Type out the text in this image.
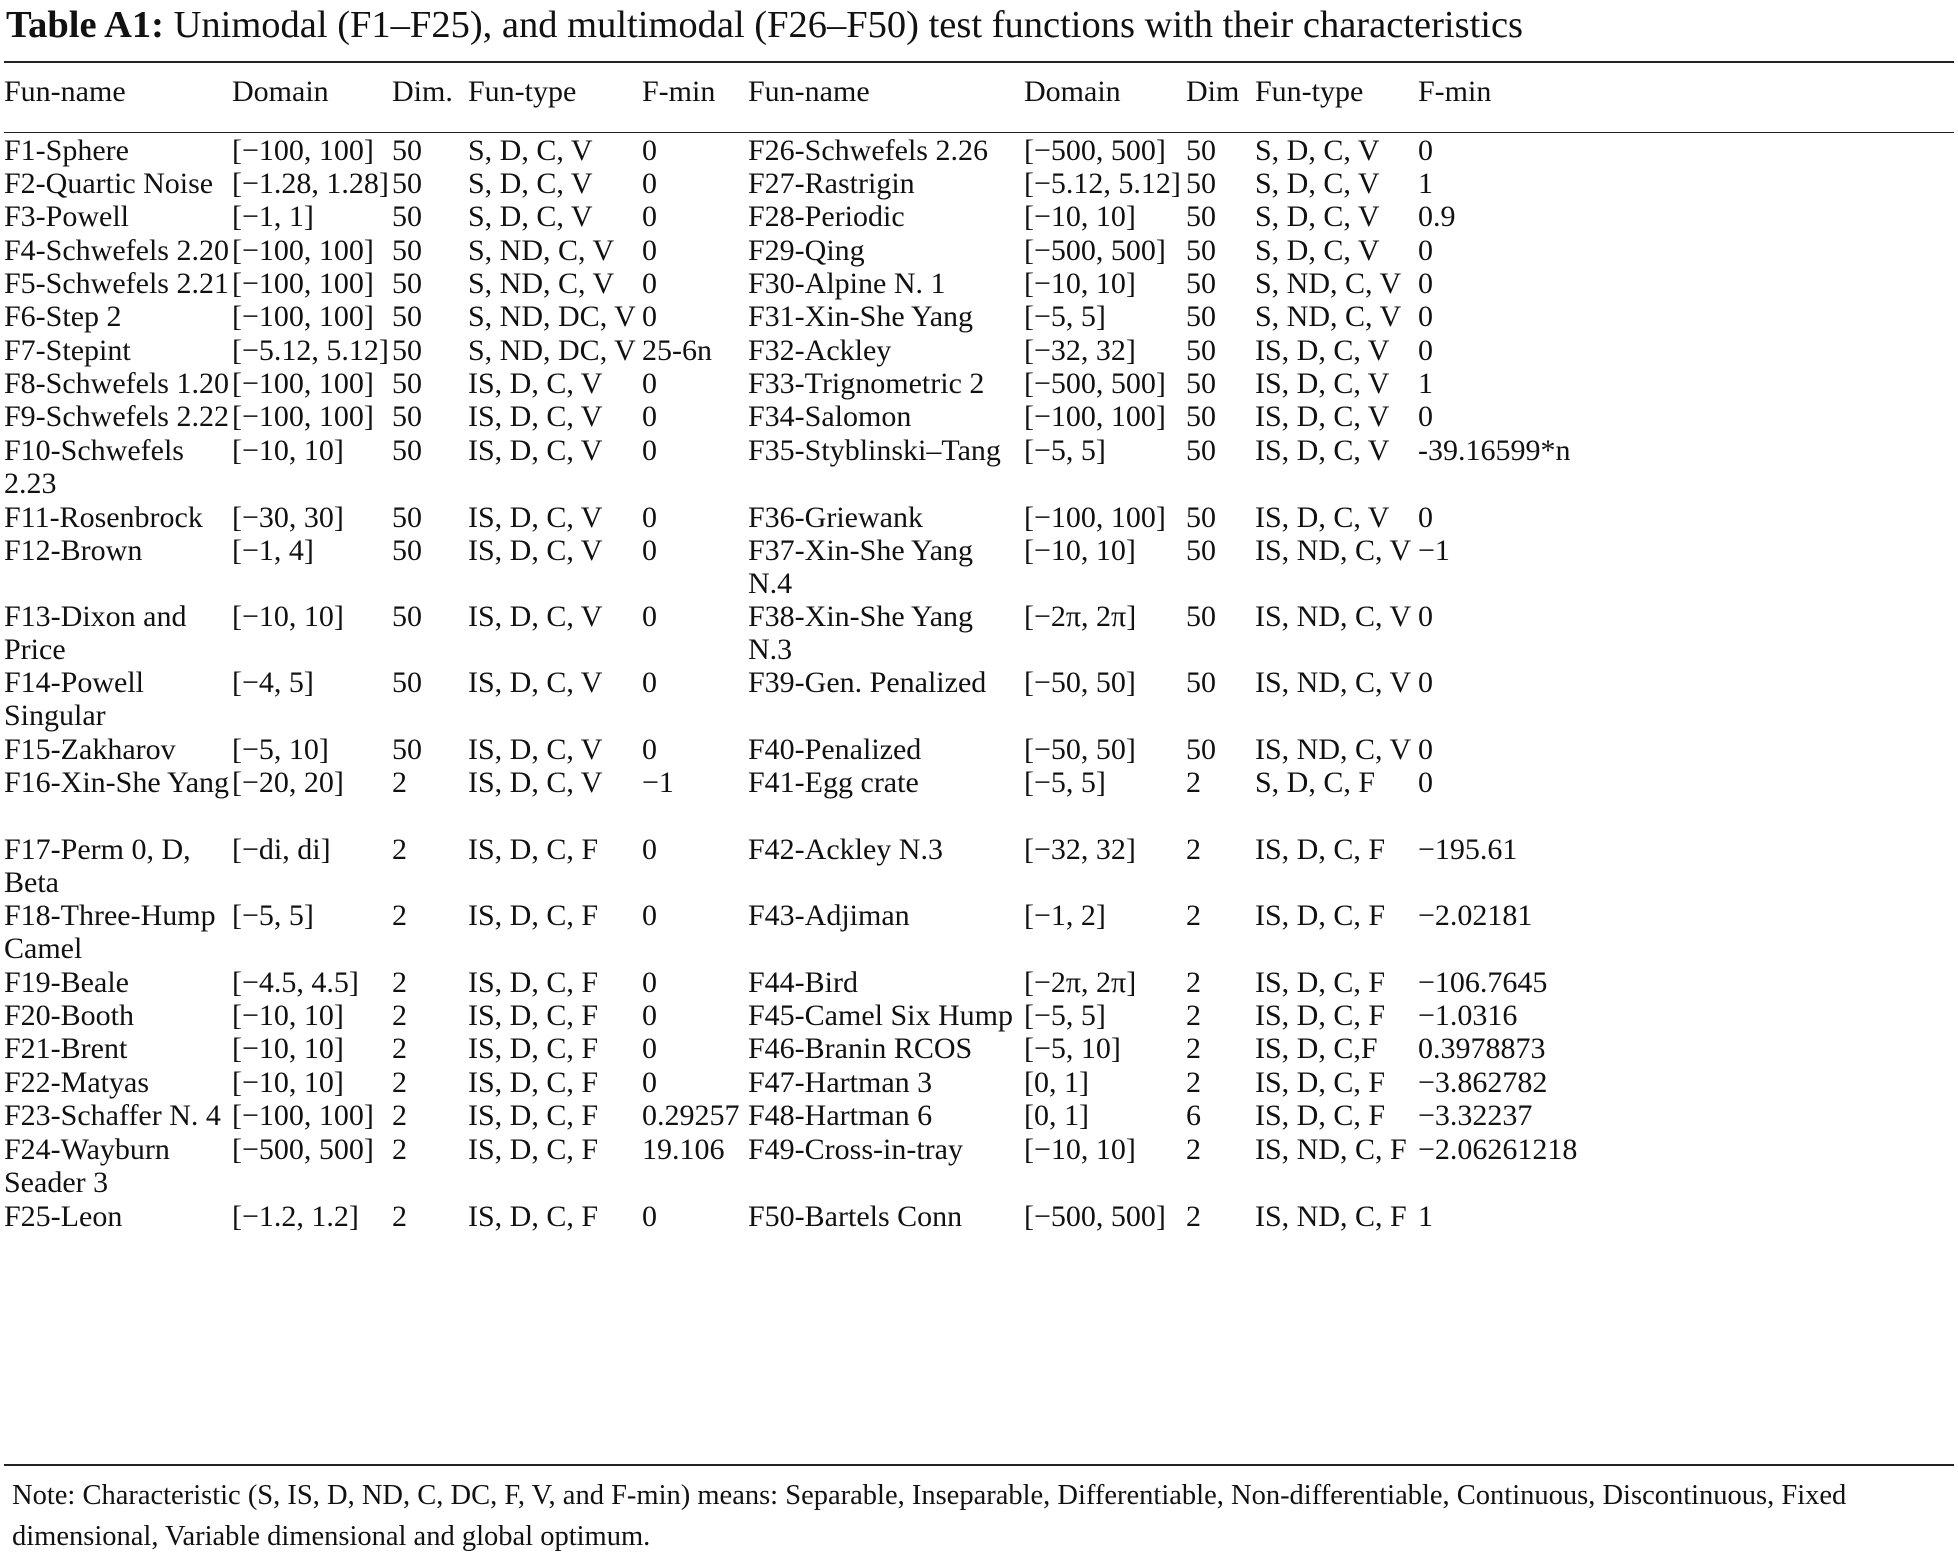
Table A1: Unimodal (F1–F25), and multimodal (F26–F50) test functions with their characteristics
Fun-name	Domain	Dim.	Fun-type	F-min	Fun-name	Domain	Dim	Fun-type	F-min
F1-Sphere	[−100, 100]	50	S, D, C, V	0	F26-Schwefels 2.26	[−500, 500]	50	S, D, C, V	0
F2-Quartic Noise	[−1.28, 1.28]	50	S, D, C, V	0	F27-Rastrigin	[−5.12, 5.12]	50	S, D, C, V	1
F3-Powell	[−1, 1]	50	S, D, C, V	0	F28-Periodic	[−10, 10]	50	S, D, C, V	0.9
F4-Schwefels 2.20	[−100, 100]	50	S, ND, C, V	0	F29-Qing	[−500, 500]	50	S, D, C, V	0
F5-Schwefels 2.21	[−100, 100]	50	S, ND, C, V	0	F30-Alpine N. 1	[−10, 10]	50	S, ND, C, V	0
F6-Step 2	[−100, 100]	50	S, ND, DC, V	0	F31-Xin-She Yang	[−5, 5]	50	S, ND, C, V	0
F7-Stepint	[−5.12, 5.12]	50	S, ND, DC, V	25-6n	F32-Ackley	[−32, 32]	50	IS, D, C, V	0
F8-Schwefels 1.20	[−100, 100]	50	IS, D, C, V	0	F33-Trignometric 2	[−500, 500]	50	IS, D, C, V	1
F9-Schwefels 2.22	[−100, 100]	50	IS, D, C, V	0	F34-Salomon	[−100, 100]	50	IS, D, C, V	0
F10-Schwefels 2.23	[−10, 10]	50	IS, D, C, V	0	F35-Styblinski–Tang	[−5, 5]	50	IS, D, C, V	-39.16599*n
F11-Rosenbrock	[−30, 30]	50	IS, D, C, V	0	F36-Griewank	[−100, 100]	50	IS, D, C, V	0
F12-Brown	[−1, 4]	50	IS, D, C, V	0	F37-Xin-She Yang N.4	[−10, 10]	50	IS, ND, C, V	−1
F13-Dixon and Price	[−10, 10]	50	IS, D, C, V	0	F38-Xin-She Yang N.3	[−2π, 2π]	50	IS, ND, C, V	0
F14-Powell Singular	[−4, 5]	50	IS, D, C, V	0	F39-Gen. Penalized	[−50, 50]	50	IS, ND, C, V	0
F15-Zakharov	[−5, 10]	50	IS, D, C, V	0	F40-Penalized	[−50, 50]	50	IS, ND, C, V	0
F16-Xin-She Yang	[−20, 20]	2	IS, D, C, V	−1	F41-Egg crate	[−5, 5]	2	S, D, C, F	0
F17-Perm 0, D, Beta	[−di, di]	2	IS, D, C, F	0	F42-Ackley N.3	[−32, 32]	2	IS, D, C, F	−195.61
F18-Three-Hump Camel	[−5, 5]	2	IS, D, C, F	0	F43-Adjiman	[−1, 2]	2	IS, D, C, F	−2.02181
F19-Beale	[−4.5, 4.5]	2	IS, D, C, F	0	F44-Bird	[−2π, 2π]	2	IS, D, C, F	−106.7645
F20-Booth	[−10, 10]	2	IS, D, C, F	0	F45-Camel Six Hump	[−5, 5]	2	IS, D, C, F	−1.0316
F21-Brent	[−10, 10]	2	IS, D, C, F	0	F46-Branin RCOS	[−5, 10]	2	IS, D, C,F	0.3978873
F22-Matyas	[−10, 10]	2	IS, D, C, F	0	F47-Hartman 3	[0, 1]	2	IS, D, C, F	−3.862782
F23-Schaffer N. 4	[−100, 100]	2	IS, D, C, F	0.29257	F48-Hartman 6	[0, 1]	6	IS, D, C, F	−3.32237
F24-Wayburn Seader 3	[−500, 500]	2	IS, D, C, F	19.106	F49-Cross-in-tray	[−10, 10]	2	IS, ND, C, F	−2.06261218
F25-Leon	[−1.2, 1.2]	2	IS, D, C, F	0	F50-Bartels Conn	[−500, 500]	2	IS, ND, C, F	1
Note: Characteristic (S, IS, D, ND, C, DC, F, V, and F-min) means: Separable, Inseparable, Differentiable, Non-differentiable, Continuous, Discontinuous, Fixed dimensional, Variable dimensional and global optimum.
